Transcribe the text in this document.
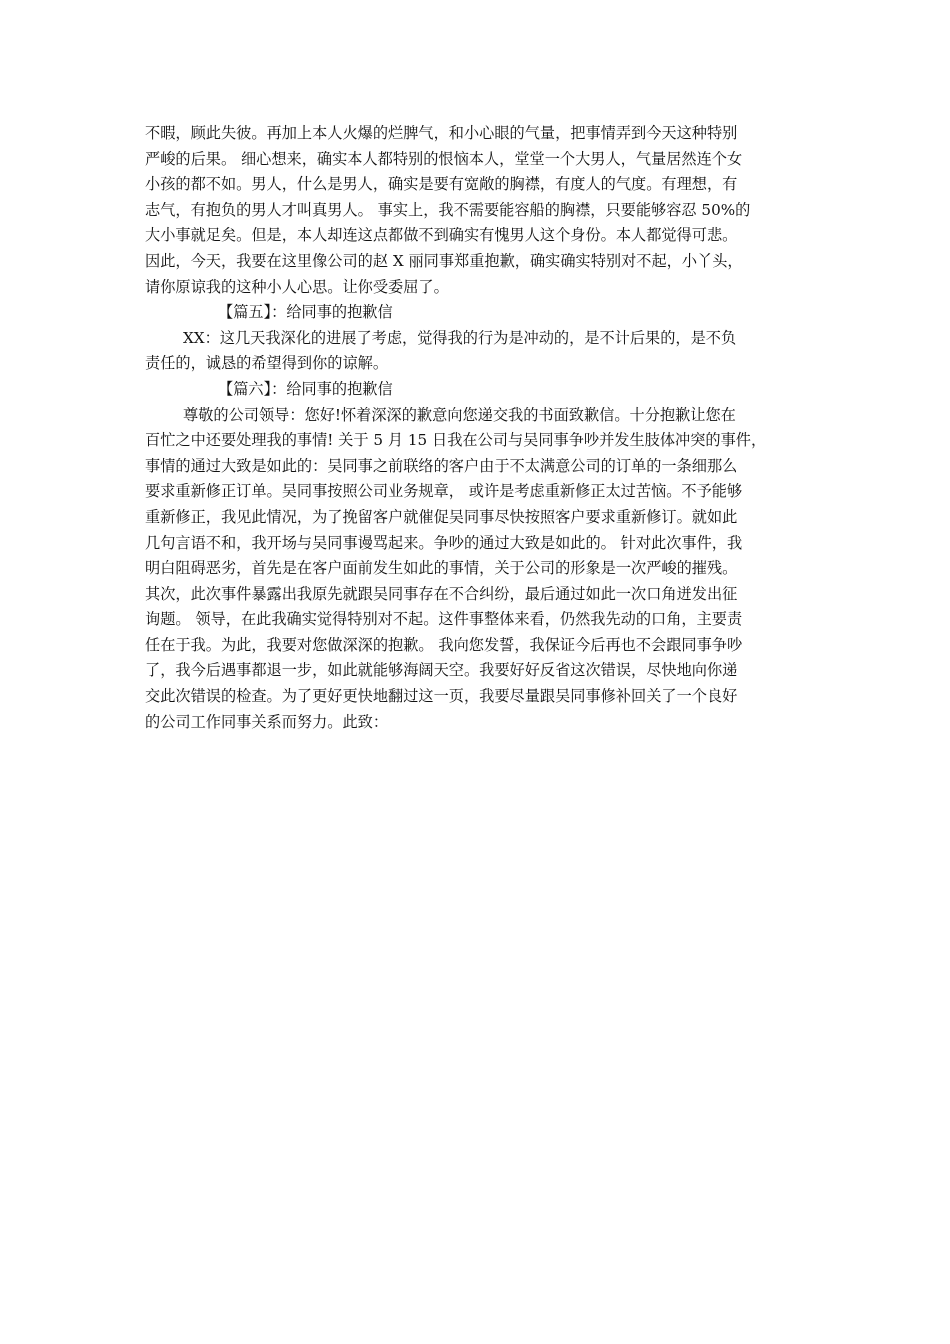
不暇，顾此失彼。再加上本人火爆的烂脾气，和小心眼的气量，把事情弄到今天这种特别
严峻的后果。 细心想来，确实本人都特别的恨恼本人，堂堂一个大男人，气量居然连个女
小孩的都不如。男人，什么是男人，确实是要有宽敞的胸襟，有度人的气度。有理想，有
志气，有抱负的男人才叫真男人。 事实上，我不需要能容船的胸襟，只要能够容忍 50%的
大小事就足矣。但是，本人却连这点都做不到确实有愧男人这个身份。本人都觉得可悲。
因此，今天，我要在这里像公司的赵 X 丽同事郑重抱歉，确实确实特别对不起，小丫头，
请你原谅我的这种小人心思。让你受委屈了。
【篇五】：给同事的抱歉信
XX：这几天我深化的进展了考虑，觉得我的行为是冲动的，是不计后果的，是不负
责任的，诚恳的希望得到你的谅解。
【篇六】：给同事的抱歉信
尊敬的公司领导：您好!怀着深深的歉意向您递交我的书面致歉信。十分抱歉让您在
百忙之中还要处理我的事情! 关于 5 月 15 日我在公司与吴同事争吵并发生肢体冲突的事件，
事情的通过大致是如此的：吴同事之前联络的客户由于不太满意公司的订单的一条细那么
要求重新修正订单。吴同事按照公司业务规章， 或许是考虑重新修正太过苦恼。不予能够
重新修正，我见此情况，为了挽留客户就催促吴同事尽快按照客户要求重新修订。就如此
几句言语不和，我开场与吴同事谩骂起来。争吵的通过大致是如此的。 针对此次事件，我
明白阻碍恶劣，首先是在客户面前发生如此的事情，关于公司的形象是一次严峻的摧残。
其次，此次事件暴露出我原先就跟吴同事存在不合纠纷，最后通过如此一次口角迸发出征
询题。 领导，在此我确实觉得特别对不起。这件事整体来看，仍然我先动的口角，主要责
任在于我。为此，我要对您做深深的抱歉。 我向您发誓，我保证今后再也不会跟同事争吵
了，我今后遇事都退一步，如此就能够海阔天空。我要好好反省这次错误，尽快地向你递
交此次错误的检查。为了更好更快地翻过这一页，我要尽量跟吴同事修补回关了一个良好
的公司工作同事关系而努力。此致：
